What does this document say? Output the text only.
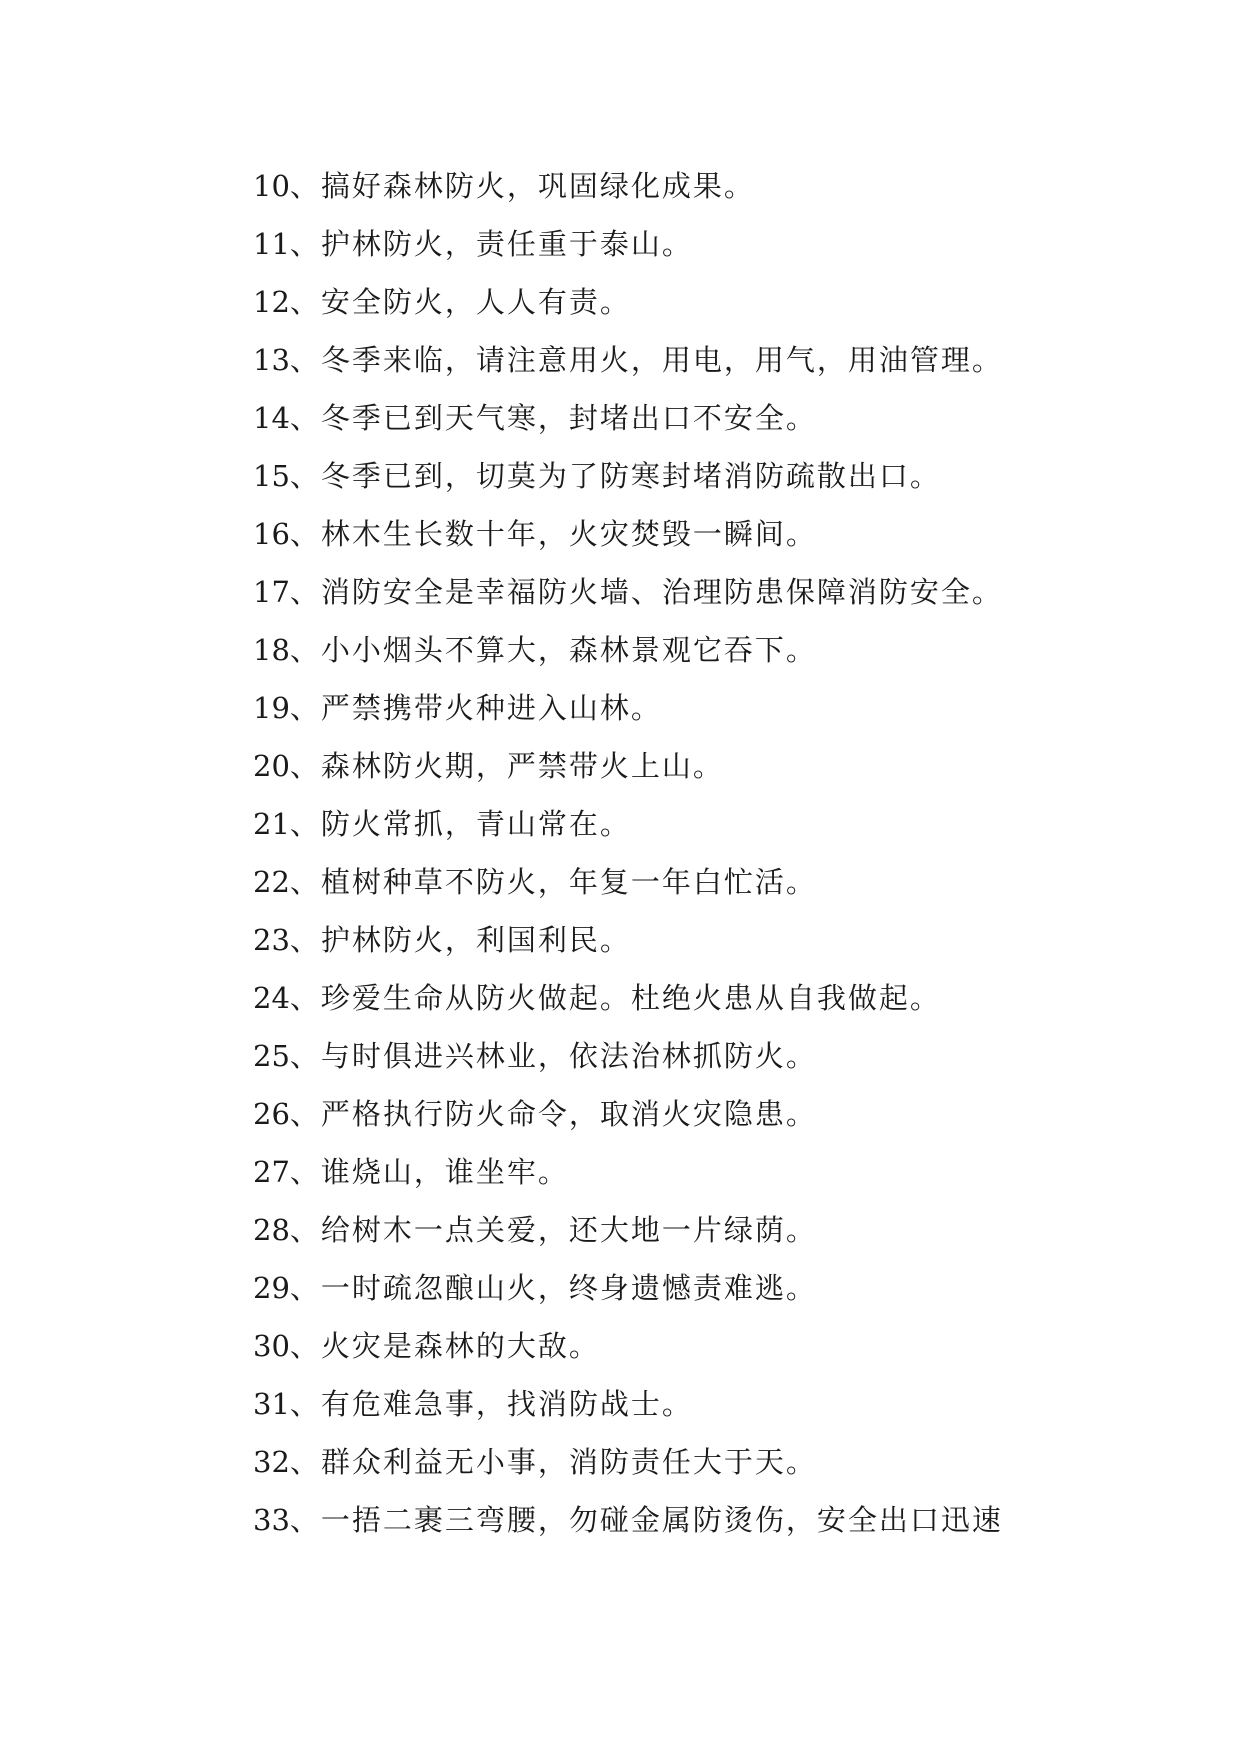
10、搞好森林防火，巩固绿化成果。
11、护林防火，责任重于泰山。
12、安全防火，人人有责。
13、冬季来临，请注意用火，用电，用气，用油管理。
14、冬季已到天气寒，封堵出口不安全。
15、冬季已到，切莫为了防寒封堵消防疏散出口。
16、林木生长数十年，火灾焚毁一瞬间。
17、消防安全是幸福防火墙、治理防患保障消防安全。
18、小小烟头不算大，森林景观它吞下。
19、严禁携带火种进入山林。
20、森林防火期，严禁带火上山。
21、防火常抓，青山常在。
22、植树种草不防火，年复一年白忙活。
23、护林防火，利国利民。
24、珍爱生命从防火做起。杜绝火患从自我做起。
25、与时俱进兴林业，依法治林抓防火。
26、严格执行防火命令，取消火灾隐患。
27、谁烧山，谁坐牢。
28、给树木一点关爱，还大地一片绿荫。
29、一时疏忽酿山火，终身遗憾责难逃。
30、火灾是森林的大敌。
31、有危难急事，找消防战士。
32、群众利益无小事，消防责任大于天。
33、一捂二裹三弯腰，勿碰金属防烫伤，安全出口迅速
